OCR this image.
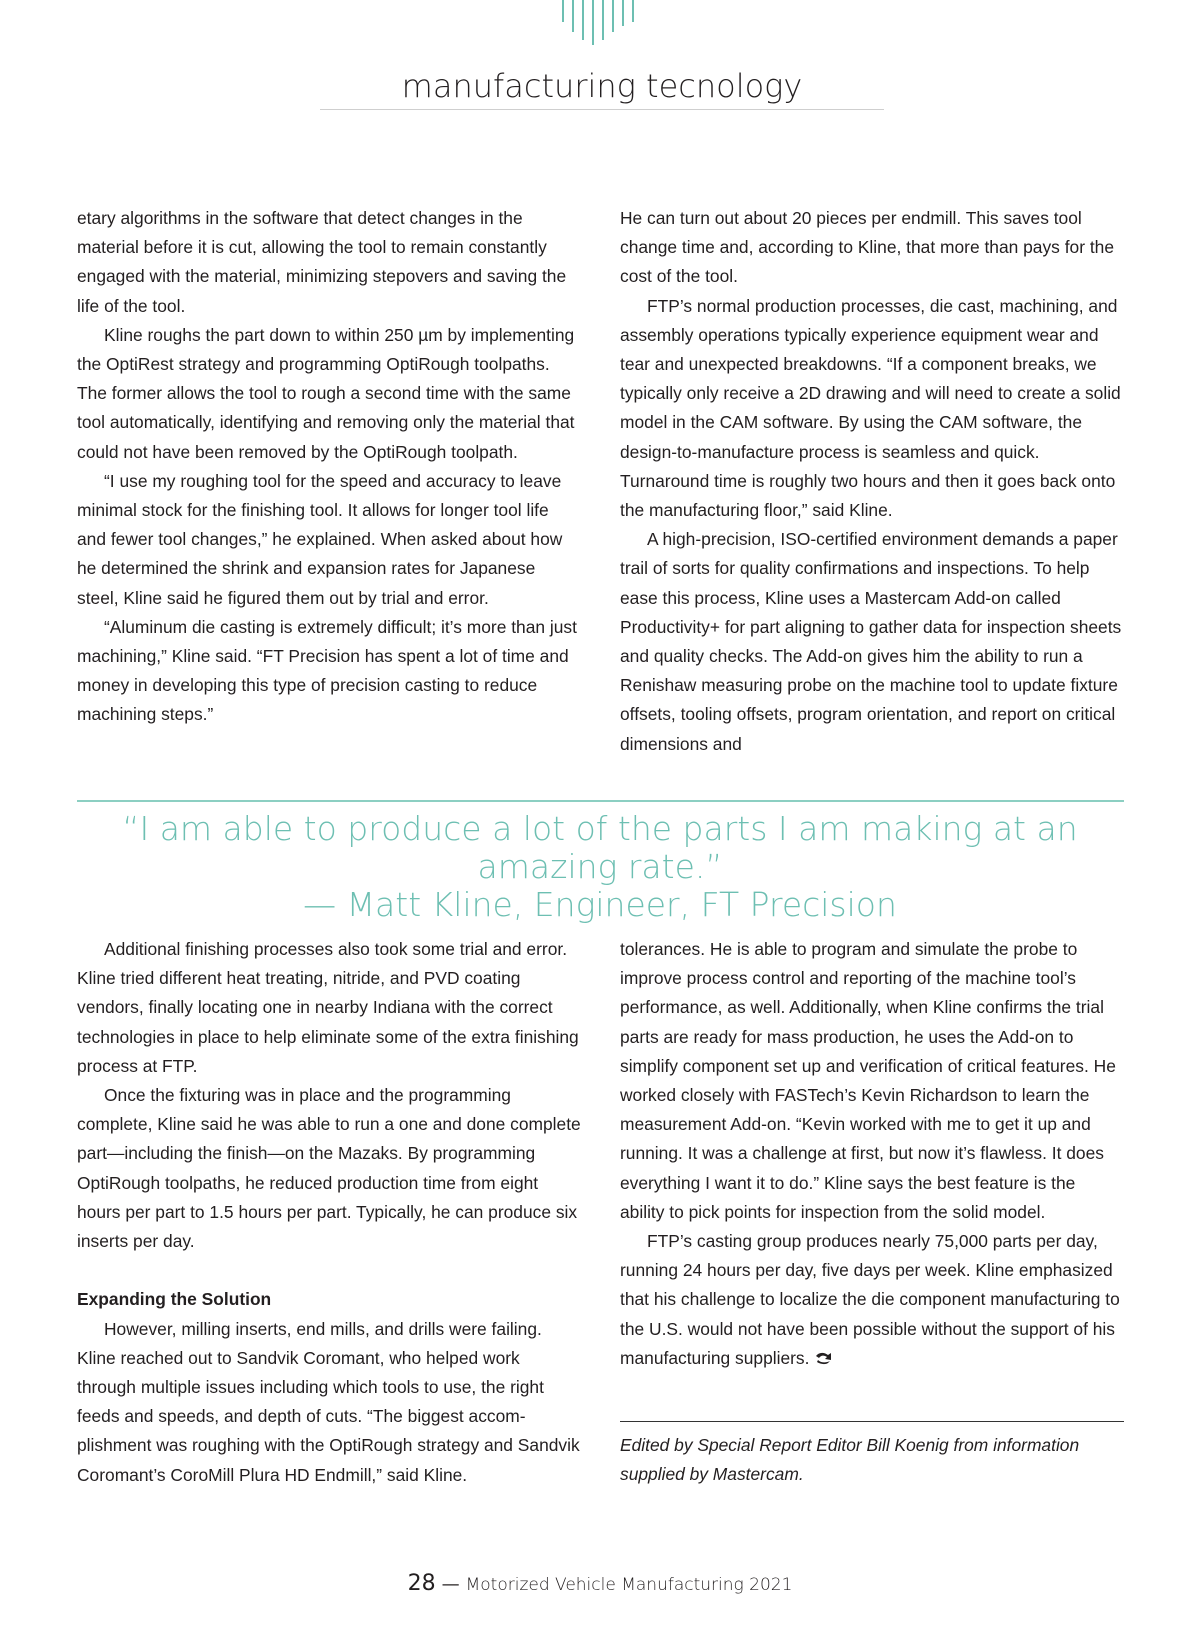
manufacturing tecnology

etary algorithms in the software that detect changes in the material before it is cut, allowing the tool to remain constantly engaged with the material, minimizing stepovers and saving the life of the tool.

Kline roughs the part down to within 250 µm by implementing the OptiRest strategy and programming OptiRough toolpaths. The former allows the tool to rough a second time with the same tool automatically, identifying and removing only the material that could not have been removed by the OptiRough toolpath.

“I use my roughing tool for the speed and accuracy to leave minimal stock for the finishing tool. It allows for longer tool life and fewer tool changes,” he explained. When asked about how he determined the shrink and expansion rates for Japanese steel, Kline said he figured them out by trial and error.

“Aluminum die casting is extremely difficult; it’s more than just machining,” Kline said. “FT Precision has spent a lot of time and money in developing this type of precision casting to reduce machining steps.”

He can turn out about 20 pieces per endmill. This saves tool change time and, according to Kline, that more than pays for the cost of the tool.

FTP’s normal production processes, die cast, machining, and assembly operations typically experience equipment wear and tear and unexpected breakdowns. “If a component breaks, we typically only receive a 2D drawing and will need to create a solid model in the CAM software. By using the CAM software, the design-to-manufacture process is seamless and quick. Turnaround time is roughly two hours and then it goes back onto the manufacturing floor,” said Kline.

A high-precision, ISO-certified environment demands a paper trail of sorts for quality confirmations and inspections. To help ease this process, Kline uses a Mastercam Add-on called Productivity+ for part aligning to gather data for inspection sheets and quality checks. The Add-on gives him the ability to run a Renishaw measuring probe on the machine tool to update fixture offsets, tooling offsets, program orientation, and report on critical dimensions and

“I am able to produce a lot of the parts I am making at an amazing rate.”
— Matt Kline, Engineer, FT Precision

Additional finishing processes also took some trial and error. Kline tried different heat treating, nitride, and PVD coating vendors, finally locating one in nearby Indiana with the correct technologies in place to help eliminate some of the extra finishing process at FTP.

Once the fixturing was in place and the programming complete, Kline said he was able to run a one and done complete part—including the finish—on the Mazaks. By programming OptiRough toolpaths, he reduced production time from eight hours per part to 1.5 hours per part. Typically, he can produce six inserts per day.

Expanding the Solution

However, milling inserts, end mills, and drills were failing. Kline reached out to Sandvik Coromant, who helped work through multiple issues including which tools to use, the right feeds and speeds, and depth of cuts. “The biggest accomplishment was roughing with the OptiRough strategy and Sandvik Coromant’s CoroMill Plura HD Endmill,” said Kline.

tolerances. He is able to program and simulate the probe to improve process control and reporting of the machine tool’s performance, as well. Additionally, when Kline confirms the trial parts are ready for mass production, he uses the Add-on to simplify component set up and verification of critical features. He worked closely with FASTech’s Kevin Richardson to learn the measurement Add-on. “Kevin worked with me to get it up and running. It was a challenge at first, but now it’s flawless. It does everything I want it to do.” Kline says the best feature is the ability to pick points for inspection from the solid model.

FTP’s casting group produces nearly 75,000 parts per day, running 24 hours per day, five days per week. Kline emphasized that his challenge to localize the die component manufacturing to the U.S. would not have been possible without the support of his manufacturing suppliers.

Edited by Special Report Editor Bill Koenig from information supplied by Mastercam.
28 — Motorized Vehicle Manufacturing 2021
